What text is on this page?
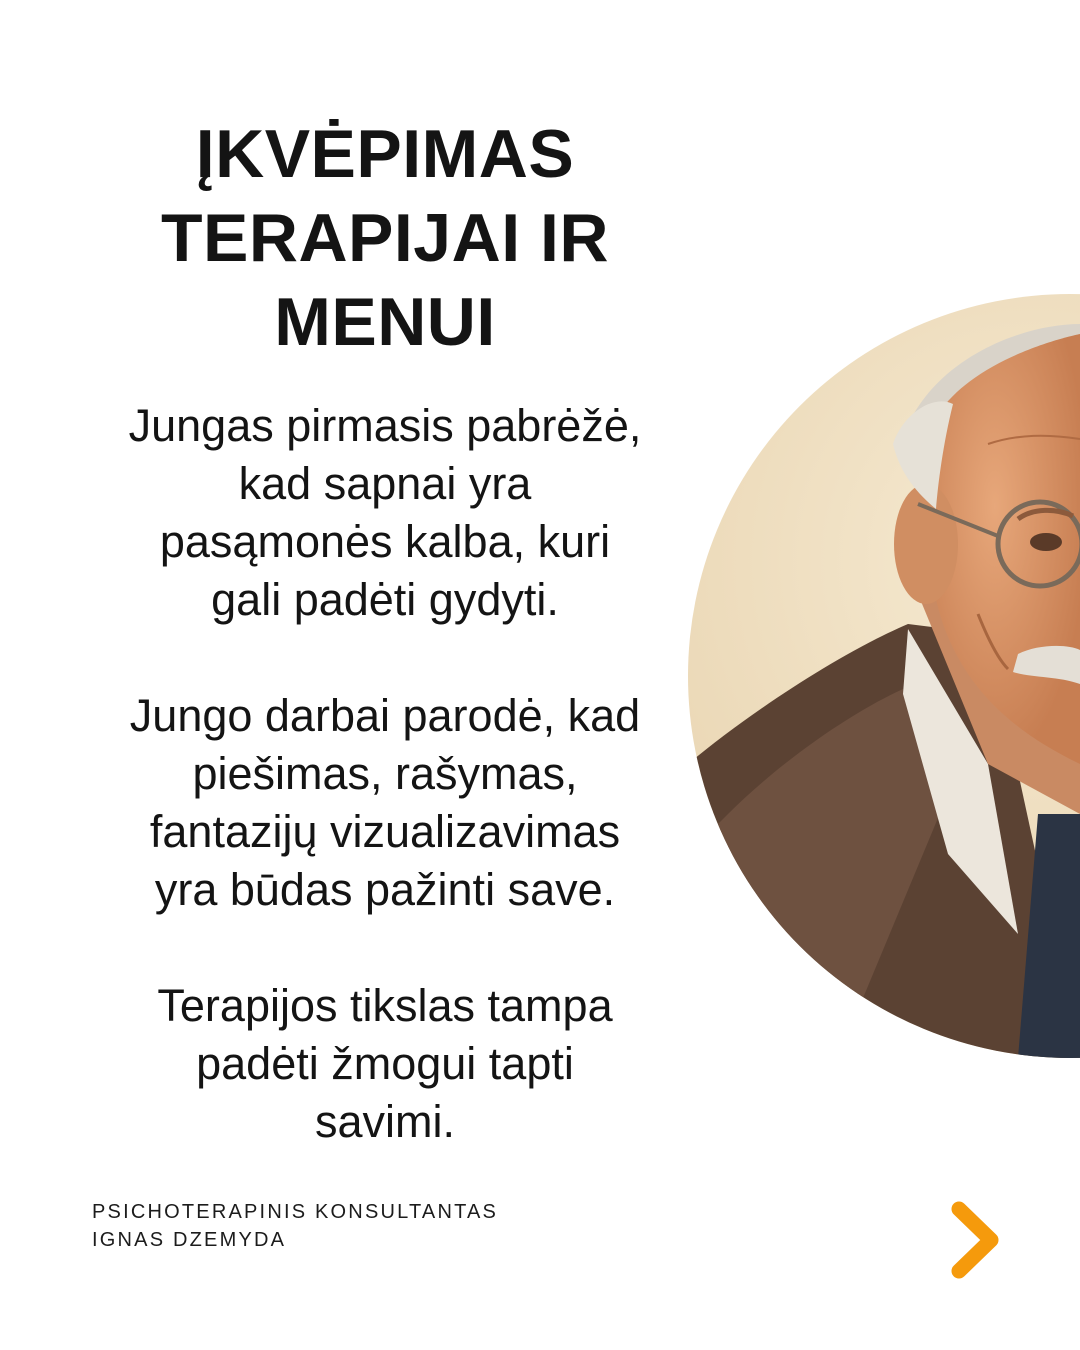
ĮKVĖPIMAS
TERAPIJAI IR
MENUI

Jungas pirmasis pabrėžė,
kad sapnai yra
pasąmonės kalba, kuri
gali padėti gydyti.

Jungo darbai parodė, kad
piešimas, rašymas,
fantazijų vizualizavimas
yra būdas pažinti save.

Terapijos tikslas tampa
padėti žmogui tapti
savimi.

PSICHOTERAPINIS KONSULTANTAS
IGNAS DZEMYDA
